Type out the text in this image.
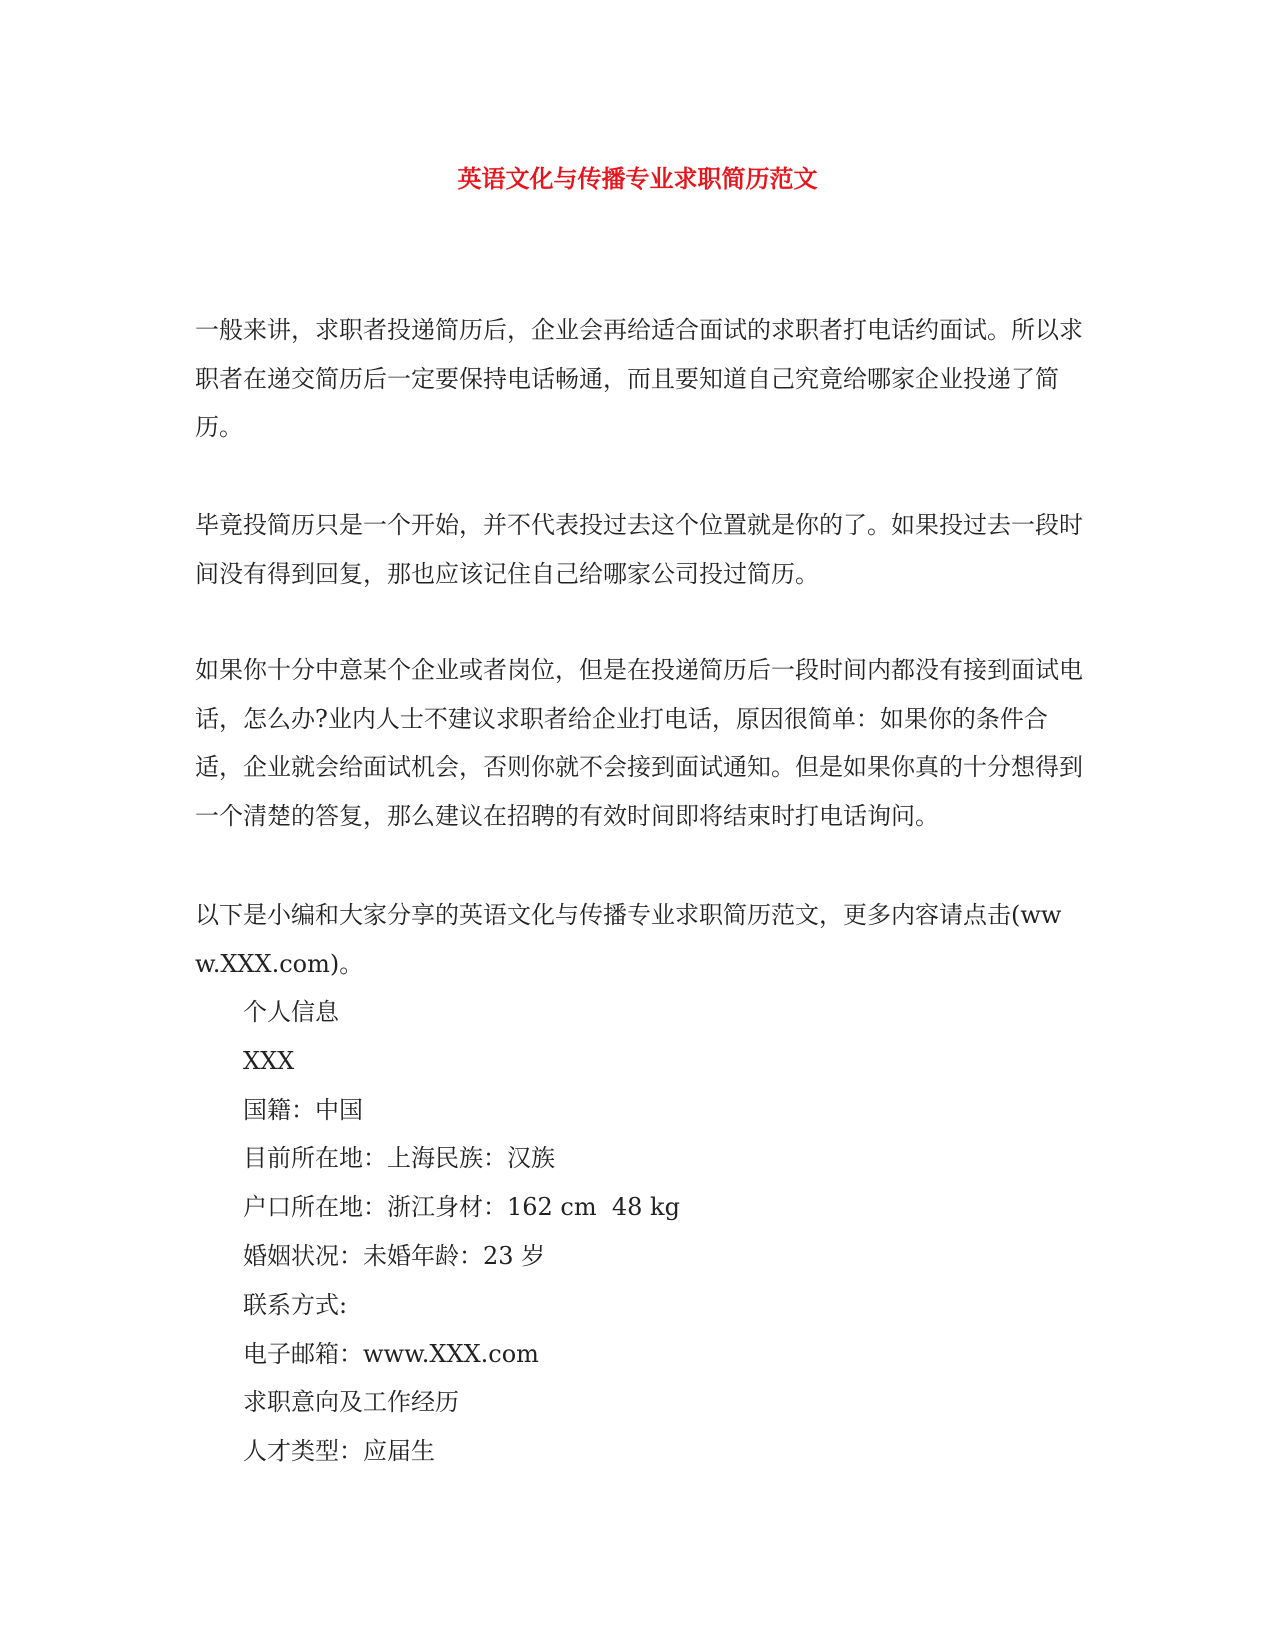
英语文化与传播专业求职简历范文

一般来讲，求职者投递简历后，企业会再给适合面试的求职者打电话约面试。所以求职者在递交简历后一定要保持电话畅通，而且要知道自己究竟给哪家企业投递了简历。

毕竟投简历只是一个开始，并不代表投过去这个位置就是你的了。如果投过去一段时间没有得到回复，那也应该记住自己给哪家公司投过简历。

如果你十分中意某个企业或者岗位，但是在投递简历后一段时间内都没有接到面试电话，怎么办?业内人士不建议求职者给企业打电话，原因很简单：如果你的条件合适，企业就会给面试机会，否则你就不会接到面试通知。但是如果你真的十分想得到一个清楚的答复，那么建议在招聘的有效时间即将结束时打电话询问。

以下是小编和大家分享的英语文化与传播专业求职简历范文，更多内容请点击(www.XXX.com)。

个人信息
XXX
国籍：中国
目前所在地：上海民族：汉族
户口所在地：浙江身材：162 cm  48 kg
婚姻状况：未婚年龄：23 岁
联系方式:
电子邮箱：www.XXX.com
求职意向及工作经历
人才类型：应届生
